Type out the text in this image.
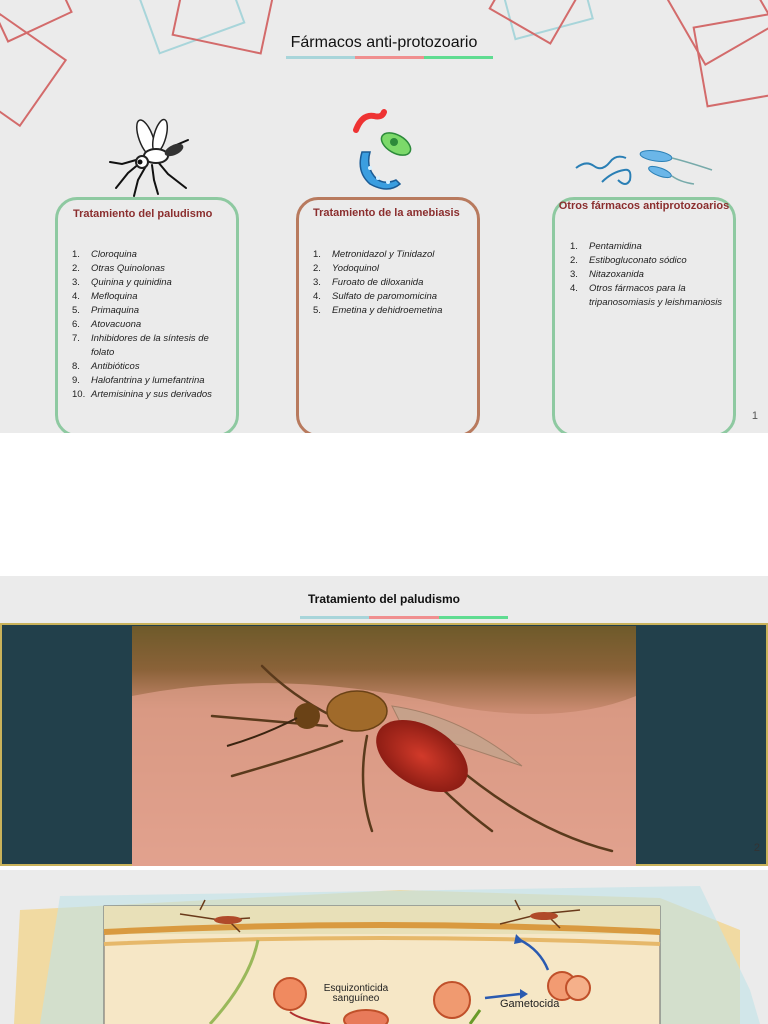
Fármacos anti-protozoario
Tratamiento del paludismo
1.	Cloroquina
2.	Otras Quinolonas
3.	Quinina y quinidina
4.	Mefloquina
5.	Primaquina
6.	Atovacuona
7.	Inhibidores de la síntesis de folato
8.	Antibióticos
9.	Halofantrina y lumefantrina
10. Artemisinina y sus derivados
Tratamiento de la amebiasis
1.	Metronidazol y Tinidazol
2.	Yodoquinol
3.	Furoato de diloxanida
4.	Sulfato de paromomicina
5.	Emetina y dehidroemetina
Otros fármacos antiprotozoarios
1.	Pentamidina
2.	Estibogluconato sódico
3.	Nitazoxanida
4.	Otros fármacos para la tripanosomiasis y leishmaniosis
1
Tratamiento del paludismo
2
Esquizonticida sanguíneo	Gametocida
